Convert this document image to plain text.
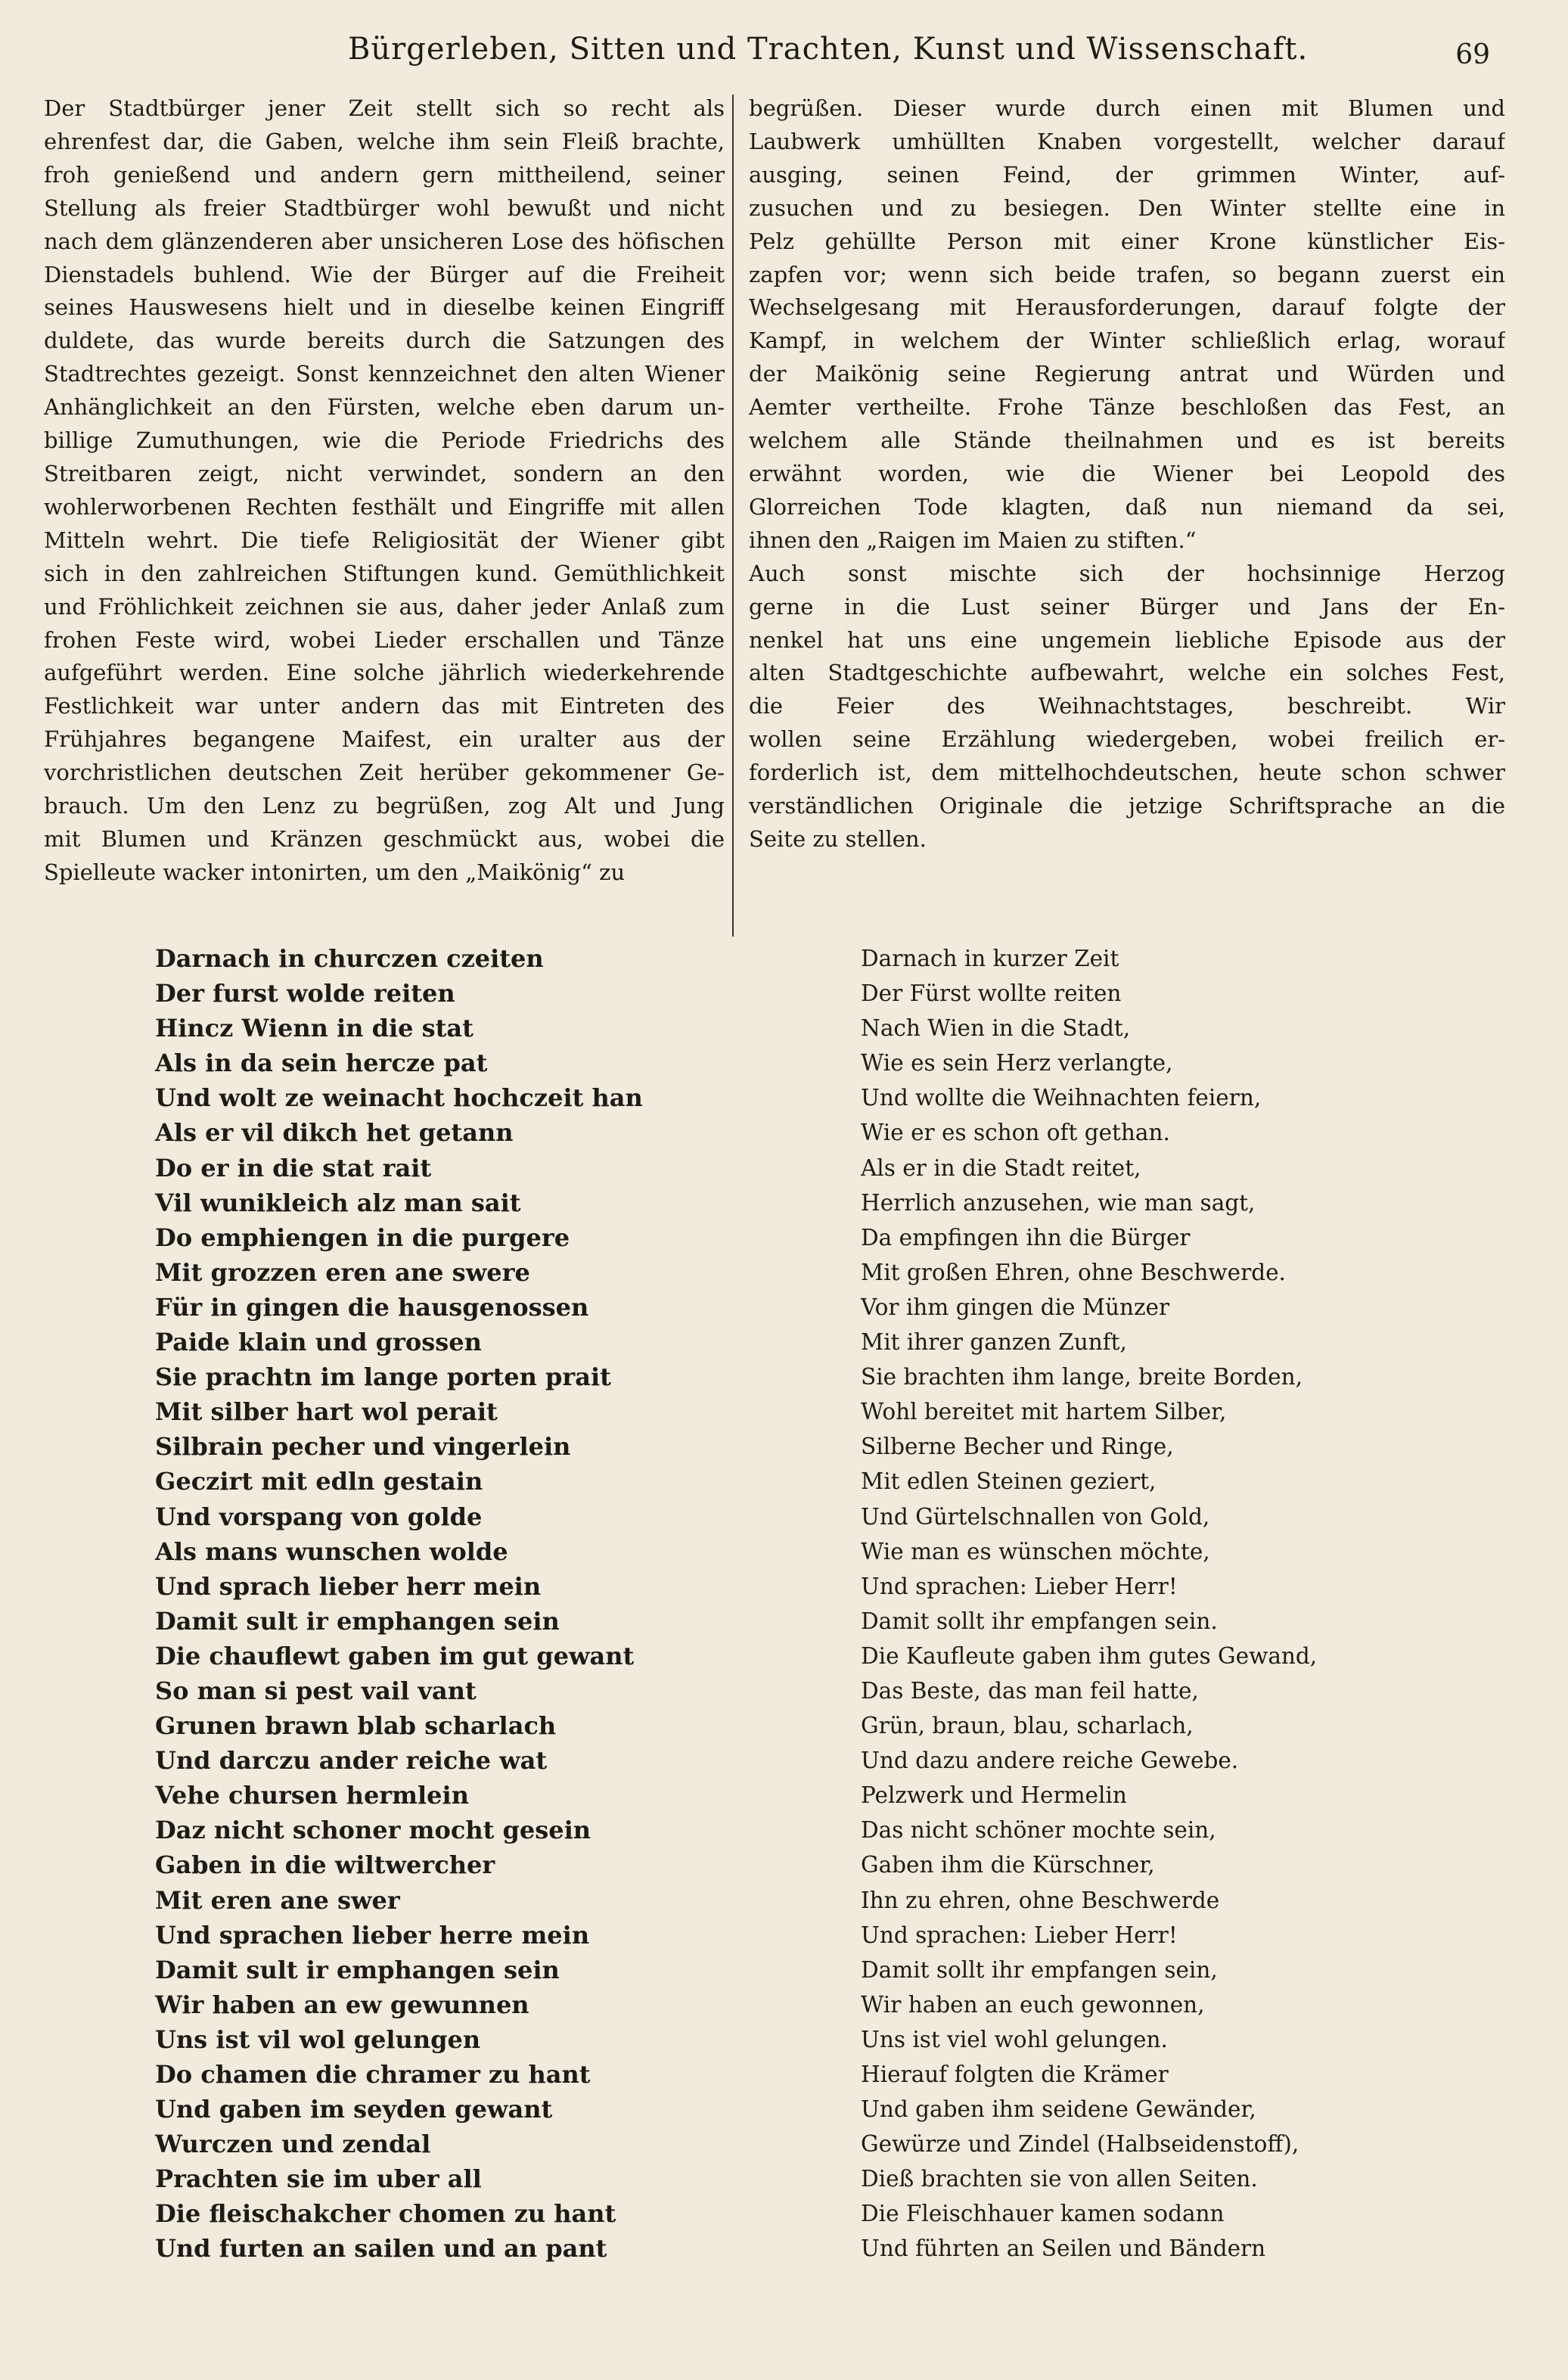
Bürgerleben, Sitten und Trachten, Kunst und Wissenschaft.	69

Der Stadtbürger jener Zeit stellt sich so recht als

ehrenfest dar, die Gaben, welche ihm sein Fleiß brachte,

froh genießend und andern gern mittheilend, seiner

Stellung als freier Stadtbürger wohl bewußt und nicht

nach dem glänzenderen aber unsicheren Lose des höfischen

Dienstadels buhlend. Wie der Bürger auf die Freiheit

seines Hauswesens hielt und in dieselbe keinen Eingriff

duldete, das wurde bereits durch die Satzungen des

Stadtrechtes gezeigt. Sonst kennzeichnet den alten Wiener

Anhänglichkeit an den Fürsten, welche eben darum un-

billige Zumuthungen, wie die Periode Friedrichs des

Streitbaren zeigt, nicht verwindet, sondern an den

wohlerworbenen Rechten festhält und Eingriffe mit allen

Mitteln wehrt. Die tiefe Religiosität der Wiener gibt

sich in den zahlreichen Stiftungen kund. Gemüthlichkeit

und Fröhlichkeit zeichnen sie aus, daher jeder Anlaß zum

frohen Feste wird, wobei Lieder erschallen und Tänze

aufgeführt werden. Eine solche jährlich wiederkehrende

Festlichkeit war unter andern das mit Eintreten des

Frühjahres begangene Maifest, ein uralter aus der

vorchristlichen deutschen Zeit herüber gekommener Ge-

brauch. Um den Lenz zu begrüßen, zog Alt und Jung

mit Blumen und Kränzen geschmückt aus, wobei die

Spielleute wacker intonirten, um den „Maikönig“ zu

begrüßen. Dieser wurde durch einen mit Blumen und

Laubwerk umhüllten Knaben vorgestellt, welcher darauf

ausging, seinen Feind, der grimmen Winter, auf-

zusuchen und zu besiegen. Den Winter stellte eine in

Pelz gehüllte Person mit einer Krone künstlicher Eis-

zapfen vor; wenn sich beide trafen, so begann zuerst ein

Wechselgesang mit Herausforderungen, darauf folgte der

Kampf, in welchem der Winter schließlich erlag, worauf

der Maikönig seine Regierung antrat und Würden und

Aemter vertheilte. Frohe Tänze beschloßen das Fest, an

welchem alle Stände theilnahmen und es ist bereits

erwähnt worden, wie die Wiener bei Leopold des

Glorreichen Tode klagten, daß nun niemand da sei,

ihnen den „Raigen im Maien zu stiften.“

Auch sonst mischte sich der hochsinnige Herzog

gerne in die Lust seiner Bürger und Jans der En-

nenkel hat uns eine ungemein liebliche Episode aus der

alten Stadtgeschichte aufbewahrt, welche ein solches Fest,

die Feier des Weihnachtstages, beschreibt. Wir

wollen seine Erzählung wiedergeben, wobei freilich er-

forderlich ist, dem mittelhochdeutschen, heute schon schwer

verständlichen Originale die jetzige Schriftsprache an die

Seite zu stellen.

Darnach in churczen czeiten
Der furst wolde reiten
Hincz Wienn in die stat
Als in da sein hercze pat
Und wolt ze weinacht hochczeit han
Als er vil dikch het getann
Do er in die stat rait
Vil wunikleich alz man sait
Do emphiengen in die purgere
Mit grozzen eren ane swere
Für in gingen die hausgenossen
Paide klain und grossen
Sie prachtn im lange porten prait
Mit silber hart wol perait
Silbrain pecher und vingerlein
Geczirt mit edln gestain
Und vorspang von golde
Als mans wunschen wolde
Und sprach lieber herr mein
Damit sult ir emphangen sein
Die chauflewt gaben im gut gewant
So man si pest vail vant
Grunen brawn blab scharlach
Und darczu ander reiche wat
Vehe chursen hermlein
Daz nicht schoner mocht gesein
Gaben in die wiltwercher
Mit eren ane swer
Und sprachen lieber herre mein
Damit sult ir emphangen sein
Wir haben an ew gewunnen
Uns ist vil wol gelungen
Do chamen die chramer zu hant
Und gaben im seyden gewant
Wurczen und zendal
Prachten sie im uber all
Die fleischakcher chomen zu hant
Und furten an sailen und an pant
Darnach in kurzer Zeit
Der Fürst wollte reiten
Nach Wien in die Stadt,
Wie es sein Herz verlangte,
Und wollte die Weihnachten feiern,
Wie er es schon oft gethan.
Als er in die Stadt reitet,
Herrlich anzusehen, wie man sagt,
Da empfingen ihn die Bürger
Mit großen Ehren, ohne Beschwerde.
Vor ihm gingen die Münzer
Mit ihrer ganzen Zunft,
Sie brachten ihm lange, breite Borden,
Wohl bereitet mit hartem Silber,
Silberne Becher und Ringe,
Mit edlen Steinen geziert,
Und Gürtelschnallen von Gold,
Wie man es wünschen möchte,
Und sprachen: Lieber Herr!
Damit sollt ihr empfangen sein.
Die Kaufleute gaben ihm gutes Gewand,
Das Beste, das man feil hatte,
Grün, braun, blau, scharlach,
Und dazu andere reiche Gewebe.
Pelzwerk und Hermelin
Das nicht schöner mochte sein,
Gaben ihm die Kürschner,
Ihn zu ehren, ohne Beschwerde
Und sprachen: Lieber Herr!
Damit sollt ihr empfangen sein,
Wir haben an euch gewonnen,
Uns ist viel wohl gelungen.
Hierauf folgten die Krämer
Und gaben ihm seidene Gewänder,
Gewürze und Zindel (Halbseidenstoff),
Dieß brachten sie von allen Seiten.
Die Fleischhauer kamen sodann
Und führten an Seilen und Bändern
